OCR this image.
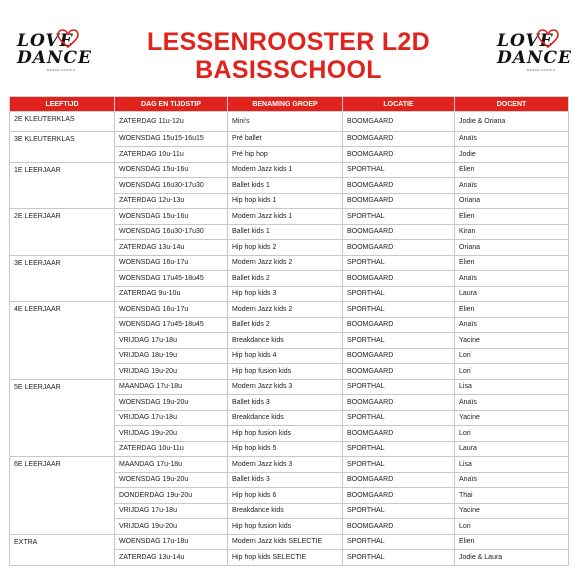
LOVE
DANCE
DANCE STUDIO
LESSENROOSTER L2D
BASISSCHOOL
LOVE
DANCE
DANCE STUDIO
LEEFTIJD	DAG EN TIJDSTIP	BENAMING GROEP	LOCATIE	DOCENT
2E KLEUTERKLAS	ZATERDAG 11u-12u	Mini's	BOOMGAARD	Jodie & Oriana
3E KLEUTERKLAS	WOENSDAG 15u15-16u15	Pré ballet	BOOMGAARD	Anaïs
	ZATERDAG 10u-11u	Pré hip hop	BOOMGAARD	Jodie
1E LEERJAAR	WOENSDAG 15u-16u	Modern Jazz kids 1	SPORTHAL	Elien
	WOENSDAG 16u30-17u30	Ballet kids 1	BOOMGAARD	Anaïs
	ZATERDAG 12u-13u	Hip hop kids 1	BOOMGAARD	Oriana
2E LEERJAAR	WOENSDAG 15u-16u	Modern Jazz kids 1	SPORTHAL	Elien
	WOENSDAG 16u30-17u30	Ballet kids 1	BOOMGAARD	Kiran
	ZATERDAG 13u-14u	Hip hop kids 2	BOOMGAARD	Oriana
3E LEERJAAR	WOENSDAG 16u-17u	Modern Jazz kids 2	SPORTHAL	Elien
	WOENSDAG 17u45-18u45	Ballet kids 2	BOOMGAARD	Anaïs
	ZATERDAG 9u-10u	Hip hop kids 3	SPORTHAL	Laura
4E LEERJAAR	WOENSDAG 16u-17u	Modern Jazz kids 2	SPORTHAL	Elien
	WOENSDAG 17u45-18u45	Ballet kids 2	BOOMGAARD	Anaïs
	VRIJDAG 17u-18u	Breakdance kids	SPORTHAL	Yacine
	VRIJDAG 18u-19u	Hip hop kids 4	BOOMGAARD	Lori
	VRIJDAG 19u-20u	Hip hop fusion kids	BOOMGAARD	Lori
5E LEERJAAR	MAANDAG 17u-18u	Modern Jazz kids 3	SPORTHAL	Lisa
	WOENSDAG 19u-20u	Ballet kids 3	BOOMGAARD	Anaïs
	VRIJDAG 17u-18u	Breakdance kids	SPORTHAL	Yacine
	VRIJDAG 19u-20u	Hip hop fusion kids	BOOMGAARD	Lori
	ZATERDAG 10u-11u	Hip hop kids 5	SPORTHAL	Laura
6E LEERJAAR	MAANDAG 17u-18u	Modern Jazz kids 3	SPORTHAL	Lisa
	WOENSDAG 19u-20u	Ballet kids 3	BOOMGAARD	Anaïs
	DONDERDAG 19u-20u	Hip hop kids 6	BOOMGAARD	Thai
	VRIJDAG 17u-18u	Breakdance kids	SPORTHAL	Yacine
	VRIJDAG 19u-20u	Hip hop fusion kids	BOOMGAARD	Lori
EXTRA	WOENSDAG 17u-18u	Modern Jazz kids SELECTIE	SPORTHAL	Elien
	ZATERDAG 13u-14u	Hip hop kids SELECTIE	SPORTHAL	Jodie & Laura
